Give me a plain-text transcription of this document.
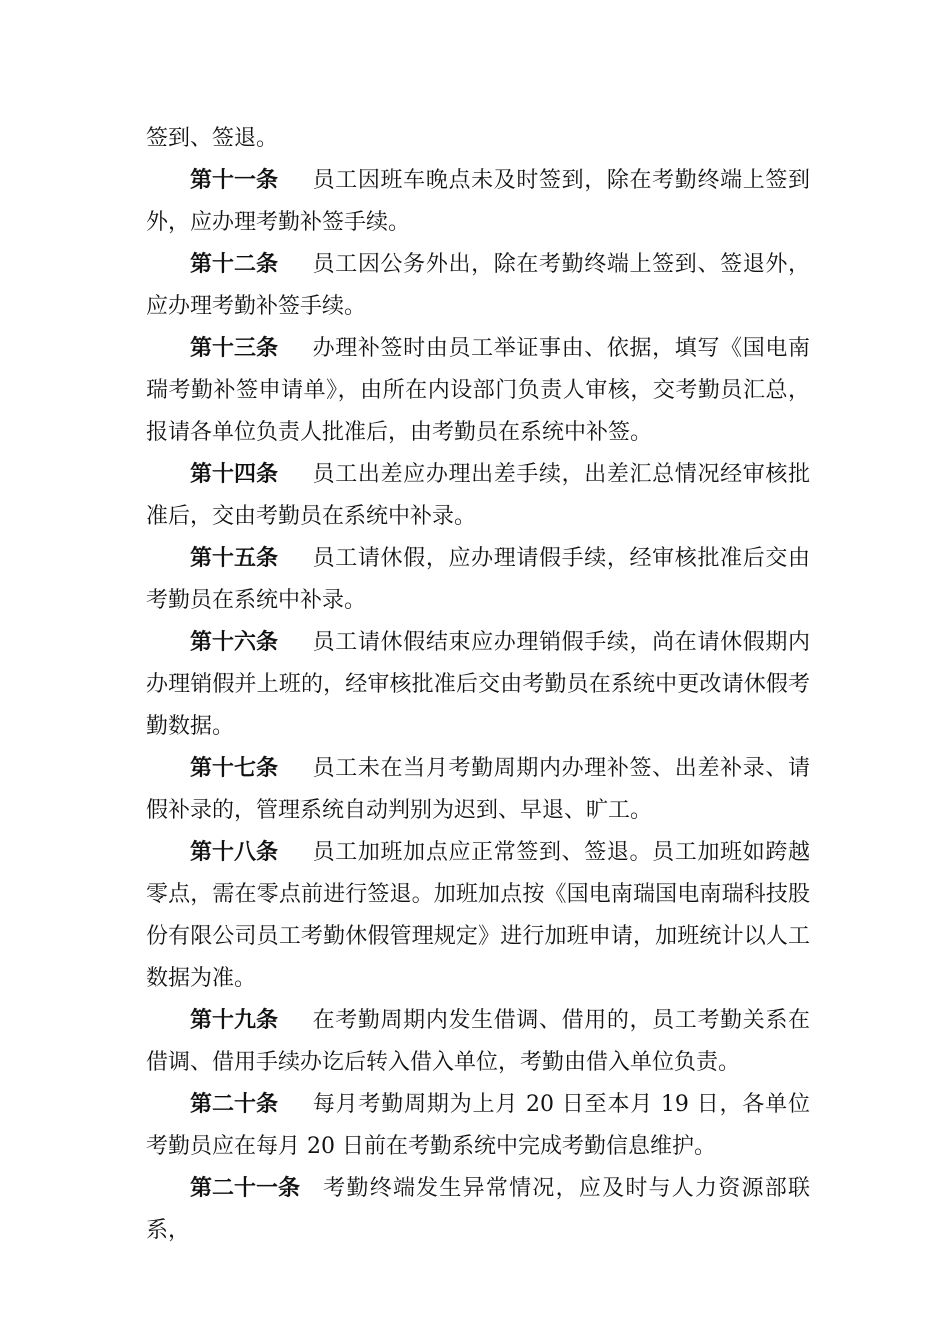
签到、签退。

第十一条 员工因班车晚点未及时签到，除在考勤终端上签到外，应办理考勤补签手续。

第十二条 员工因公务外出，除在考勤终端上签到、签退外，应办理考勤补签手续。

第十三条 办理补签时由员工举证事由、依据，填写《国电南瑞考勤补签申请单》，由所在内设部门负责人审核，交考勤员汇总，报请各单位负责人批准后，由考勤员在系统中补签。

第十四条 员工出差应办理出差手续，出差汇总情况经审核批准后，交由考勤员在系统中补录。

第十五条 员工请休假，应办理请假手续，经审核批准后交由考勤员在系统中补录。

第十六条 员工请休假结束应办理销假手续，尚在请休假期内办理销假并上班的，经审核批准后交由考勤员在系统中更改请休假考勤数据。

第十七条 员工未在当月考勤周期内办理补签、出差补录、请假补录的，管理系统自动判别为迟到、早退、旷工。

第十八条 员工加班加点应正常签到、签退。员工加班如跨越零点，需在零点前进行签退。加班加点按《国电南瑞国电南瑞科技股份有限公司员工考勤休假管理规定》进行加班申请，加班统计以人工数据为准。

第十九条 在考勤周期内发生借调、借用的，员工考勤关系在借调、借用手续办讫后转入借入单位，考勤由借入单位负责。

第二十条 每月考勤周期为上月 20 日至本月 19 日，各单位考勤员应在每月 20 日前在考勤系统中完成考勤信息维护。

第二十一条 考勤终端发生异常情况，应及时与人力资源部联系，
